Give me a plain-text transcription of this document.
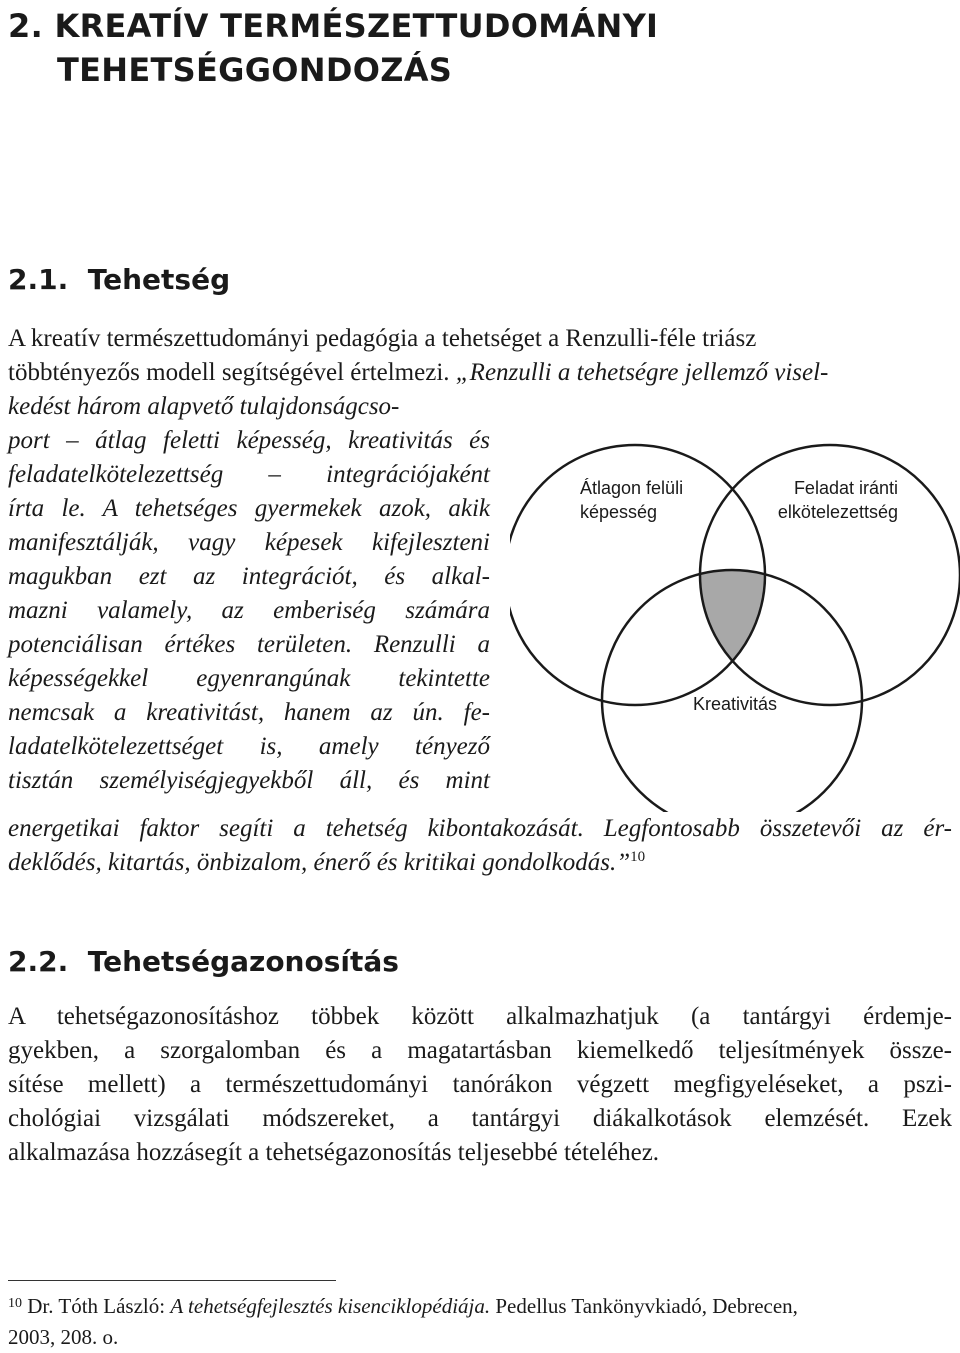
2. KREATÍV TERMÉSZETTUDOMÁNYI
TEHETSÉGGONDOZÁS
2.1. Tehetség

A kreatív természettudományi pedagógia a tehetséget a Renzulli-féle triász

többtényezős modell segítségével értelmezi. „Renzulli a tehetségre jellemző visel-

kedést három alapvető tulajdonságcso-

port – átlag feletti képesség, kreativitás és

feladatelkötelezettség – integrációjaként

írta le. A tehetséges gyermekek azok, akik

manifesztálják, vagy képesek kifejleszteni

magukban ezt az integrációt, és alkal-

mazni valamely, az emberiség számára

potenciálisan értékes területen. Renzulli a

képességekkel egyenrangúnak tekintette

nemcsak a kreativitást, hanem az ún. fe-

ladatelkötelezettséget is, amely tényező

tisztán személyiségjegyekből áll, és mint

energetikai faktor segíti a tehetség kibontakozását. Legfontosabb összetevői az ér-

deklődés, kitartás, önbizalom, énerő és kritikai gondolkodás.”$^{10}$

Átlagon felüli
képesség
Feladat iránti
elkötelezettség
Kreativitás
2.2. Tehetségazonosítás

A tehetségazonosításhoz többek között alkalmazhatjuk (a tantárgyi érdemje-

gyekben, a szorgalomban és a magatartásban kiemelkedő teljesítmények össze-

sítése mellett) a természettudományi tanórákon végzett megfigyeléseket, a pszi-

chológiai vizsgálati módszereket, a tantárgyi diákalkotások elemzését. Ezek

alkalmazása hozzásegít a tehetségazonosítás teljesebbé tételéhez.

$^{10}$ Dr. Tóth László: A tehetségfejlesztés kisenciklopédiája. Pedellus Tankönyvkiadó, Debrecen,
2003, 208. o.
